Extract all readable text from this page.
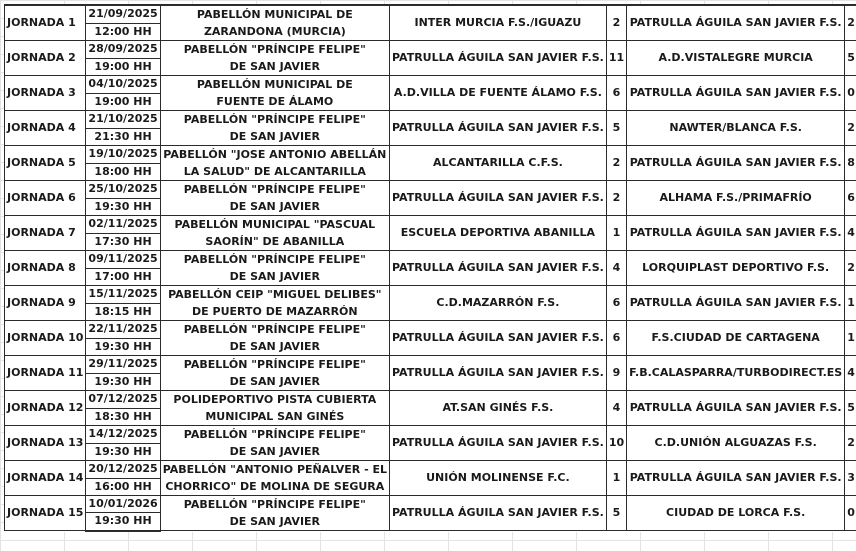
JORNADA 1	21/09/2025	PABELLÓN MUNICIPAL DE
ZARANDONA (MURCIA)	INTER MURCIA F.S./IGUAZU	2	PATRULLA ÁGUILA SAN JAVIER F.S.	2
	12:00 HH					
JORNADA 2	28/09/2025	PABELLÓN "PRÍNCIPE FELIPE"
DE SAN JAVIER	PATRULLA ÁGUILA SAN JAVIER F.S.	11	A.D.VISTALEGRE MURCIA	5
	19:00 HH					
JORNADA 3	04/10/2025	PABELLÓN MUNICIPAL DE
FUENTE DE ÁLAMO	A.D.VILLA DE FUENTE ÁLAMO F.S.	6	PATRULLA ÁGUILA SAN JAVIER F.S.	0
	19:00 HH					
JORNADA 4	21/10/2025	PABELLÓN "PRÍNCIPE FELIPE"
DE SAN JAVIER	PATRULLA ÁGUILA SAN JAVIER F.S.	5	NAWTER/BLANCA F.S.	2
	21:30 HH					
JORNADA 5	19/10/2025	PABELLÓN "JOSE ANTONIO ABELLÁN
LA SALUD" DE ALCANTARILLA	ALCANTARILLA C.F.S.	2	PATRULLA ÁGUILA SAN JAVIER F.S.	8
	18:00 HH					
JORNADA 6	25/10/2025	PABELLÓN "PRÍNCIPE FELIPE"
DE SAN JAVIER	PATRULLA ÁGUILA SAN JAVIER F.S.	2	ALHAMA F.S./PRIMAFRÍO	6
	19:30 HH					
JORNADA 7	02/11/2025	PABELLÓN MUNICIPAL "PASCUAL
SAORÍN" DE ABANILLA	ESCUELA DEPORTIVA ABANILLA	1	PATRULLA ÁGUILA SAN JAVIER F.S.	4
	17:30 HH					
JORNADA 8	09/11/2025	PABELLÓN "PRÍNCIPE FELIPE"
DE SAN JAVIER	PATRULLA ÁGUILA SAN JAVIER F.S.	4	LORQUIPLAST DEPORTIVO F.S.	2
	17:00 HH					
JORNADA 9	15/11/2025	PABELLÓN CEIP "MIGUEL DELIBES"
DE PUERTO DE MAZARRÓN	C.D.MAZARRÓN F.S.	6	PATRULLA ÁGUILA SAN JAVIER F.S.	1
	18:15 HH					
JORNADA 10	22/11/2025	PABELLÓN "PRÍNCIPE FELIPE"
DE SAN JAVIER	PATRULLA ÁGUILA SAN JAVIER F.S.	6	F.S.CIUDAD DE CARTAGENA	1
	19:30 HH					
JORNADA 11	29/11/2025	PABELLÓN "PRÍNCIPE FELIPE"
DE SAN JAVIER	PATRULLA ÁGUILA SAN JAVIER F.S.	9	F.B.CALASPARRA/TURBODIRECT.ES	4
	19:30 HH					
JORNADA 12	07/12/2025	POLIDEPORTIVO PISTA CUBIERTA
MUNICIPAL SAN GINÉS	AT.SAN GINÉS F.S.	4	PATRULLA ÁGUILA SAN JAVIER F.S.	5
	18:30 HH					
JORNADA 13	14/12/2025	PABELLÓN "PRÍNCIPE FELIPE"
DE SAN JAVIER	PATRULLA ÁGUILA SAN JAVIER F.S.	10	C.D.UNIÓN ALGUAZAS F.S.	2
	19:30 HH					
JORNADA 14	20/12/2025	PABELLÓN "ANTONIO PEÑALVER - EL
CHORRICO" DE MOLINA DE SEGURA	UNIÓN MOLINENSE F.C.	1	PATRULLA ÁGUILA SAN JAVIER F.S.	3
	16:00 HH					
JORNADA 15	10/01/2026	PABELLÓN "PRÍNCIPE FELIPE"
DE SAN JAVIER	PATRULLA ÁGUILA SAN JAVIER F.S.	5	CIUDAD DE LORCA F.S.	0
	19:30 HH					
